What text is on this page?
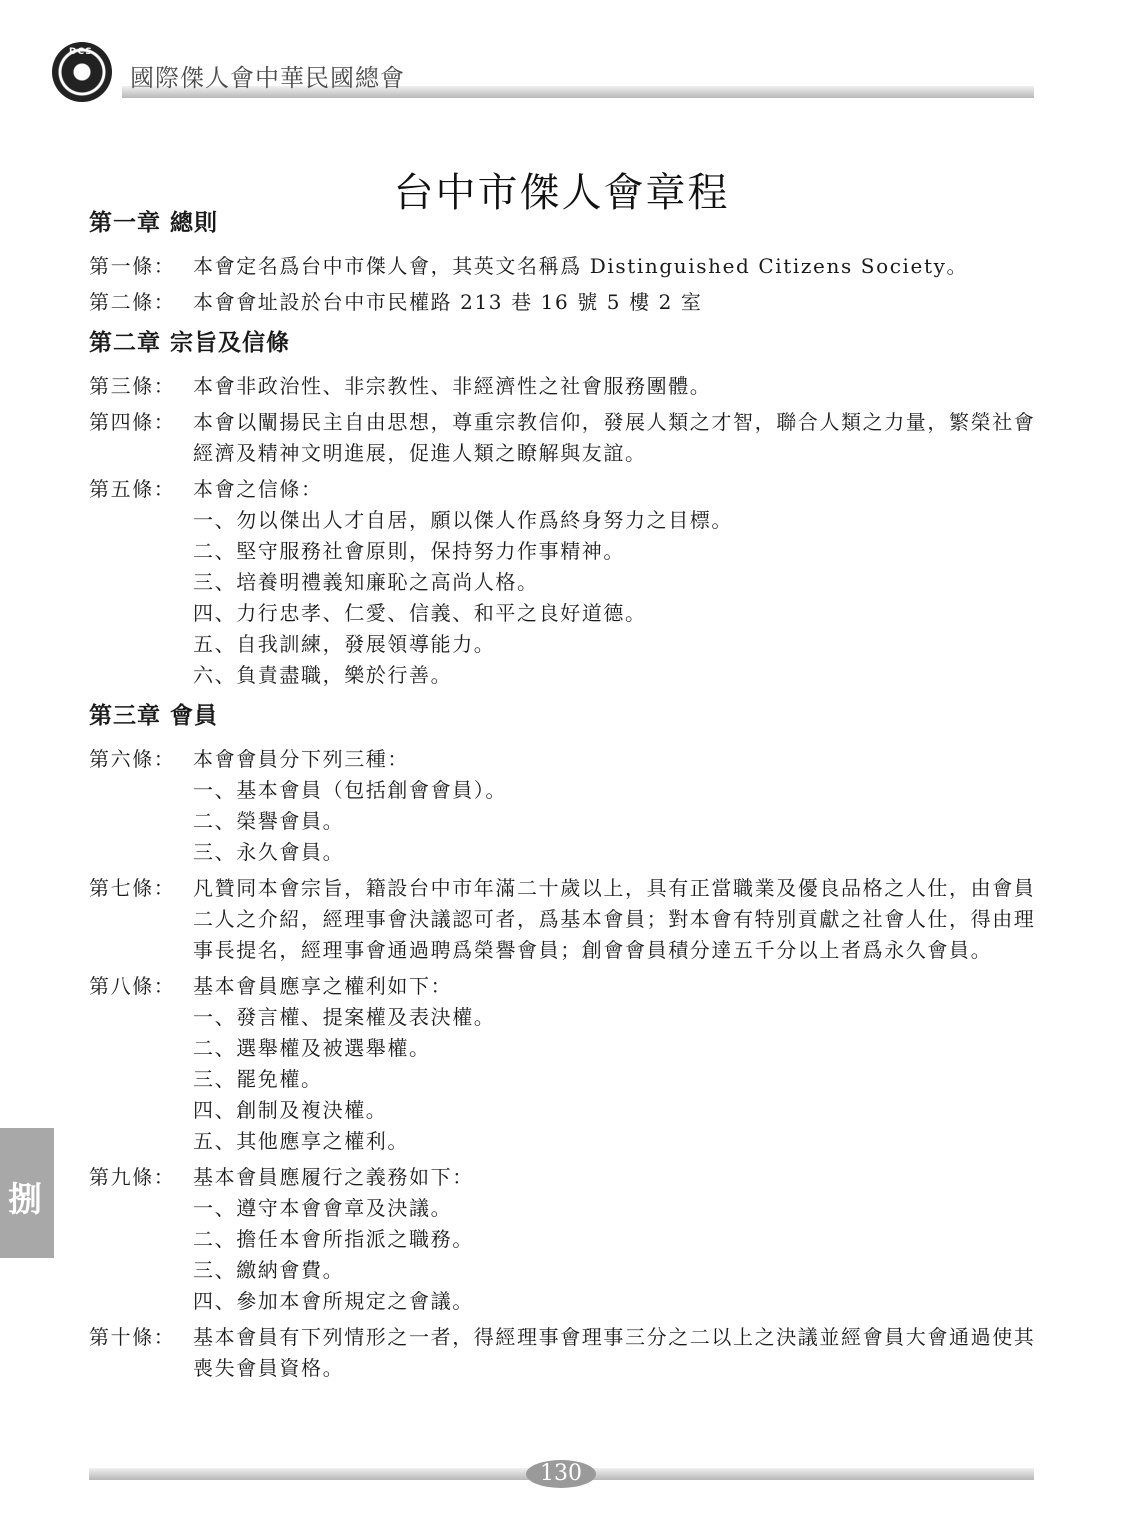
DCS
國際傑人會中華民國總會
台中市傑人會章程
第一章 總則
第一條： 本會定名爲台中市傑人會，其英文名稱爲 Distinguished Citizens Society。
第二條： 本會會址設於台中市民權路 213 巷 16 號 5 樓 2 室
第二章 宗旨及信條
第三條： 本會非政治性、非宗教性、非經濟性之社會服務團體。
第四條： 本會以闡揚民主自由思想，尊重宗教信仰，發展人類之才智，聯合人類之力量，繁榮社會經濟及精神文明進展，促進人類之瞭解與友誼。
第五條： 本會之信條：
一、勿以傑出人才自居，願以傑人作爲終身努力之目標。
二、堅守服務社會原則，保持努力作事精神。
三、培養明禮義知廉恥之高尚人格。
四、力行忠孝、仁愛、信義、和平之良好道德。
五、自我訓練，發展領導能力。
六、負責盡職，樂於行善。
第三章 會員
第六條： 本會會員分下列三種：
一、基本會員（包括創會會員）。
二、榮譽會員。
三、永久會員。
第七條： 凡贊同本會宗旨，籍設台中市年滿二十歲以上，具有正當職業及優良品格之人仕，由會員二人之介紹，經理事會決議認可者，爲基本會員；對本會有特別貢獻之社會人仕，得由理事長提名，經理事會通過聘爲榮譽會員；創會會員積分達五千分以上者爲永久會員。
第八條： 基本會員應享之權利如下：
一、發言權、提案權及表決權。
二、選舉權及被選舉權。
三、罷免權。
四、創制及複決權。
五、其他應享之權利。
第九條： 基本會員應履行之義務如下：
一、遵守本會會章及決議。
二、擔任本會所指派之職務。
三、繳納會費。
四、參加本會所規定之會議。
第十條： 基本會員有下列情形之一者，得經理事會理事三分之二以上之決議並經會員大會通過使其喪失會員資格。
捌
130
